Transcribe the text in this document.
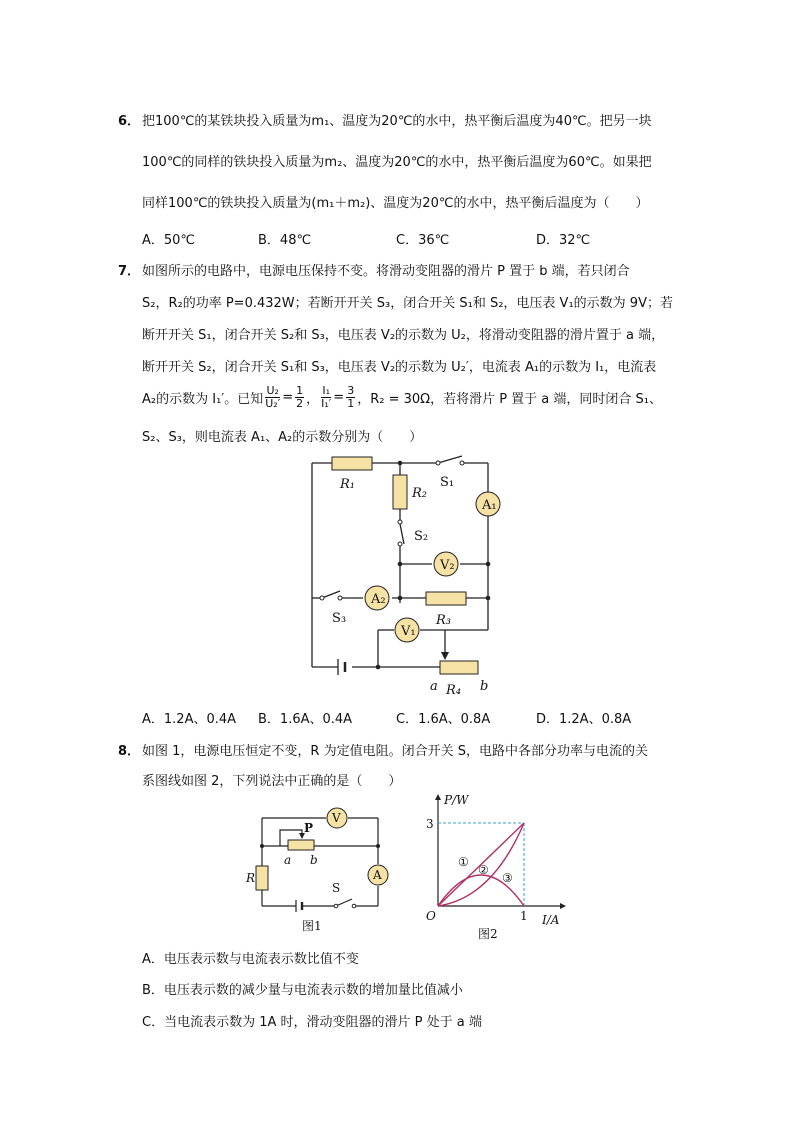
6． 把100℃的某铁块投入质量为m₁、温度为20℃的水中，热平衡后温度为40℃。把另一块
100℃的同样的铁块投入质量为m₂、温度为20℃的水中，热平衡后温度为60℃。如果把
同样100℃的铁块投入质量为(m₁＋m₂)、温度为20℃的水中，热平衡后温度为（　　）
A．50℃	B．48℃	C．36℃	D．32℃
7． 如图所示的电路中，电源电压保持不变。将滑动变阻器的滑片 P 置于 b 端，若只闭合
S₂，R₂的功率 P=0.432W；若断开开关 S₃，闭合开关 S₁和 S₂，电压表 V₁的示数为 9V；若
断开开关 S₁，闭合开关 S₂和 S₃，电压表 V₂的示数为 U₂，将滑动变阻器的滑片置于 a 端，
断开开关 S₂，闭合开关 S₁和 S₃，电压表 V₂的示数为 U₂′，电流表 A₁的示数为 I₁，电流表
A₂的示数为 I₁′。已知 $\frac{\text{U₂}}{\text{U₂′}} = \frac{1}{2}$ ， $\frac{\text{I₁}}{\text{I₁′}} = \frac{3}{1}$ ，R₂ = 30Ω，若将滑片 P 置于 a 端，同时闭合 S₁、
S₂、S₃，则电流表 A₁、A₂的示数分别为（　　）
A₁
V₂
A₂
V₁
R₁
R₂
R₃
R₄
S₁
S₂
S₃
a	b
A．1.2A、0.4A B．1.6A、0.4A	C．1.6A、0.8A	D．1.2A、0.8A
8． 如图 1，电源电压恒定不变，R 为定值电阻。闭合开关 S，电路中各部分功率与电流的关
系图线如图 2，下列说法中正确的是（　　）
V
A
P
a b
R
S
图1
P/W
I/A
O
3
1
①
②
③
图2
A．电压表示数与电流表示数比值不变
B．电压表示数的减少量与电流表示数的增加量比值减小
C．当电流表示数为 1A 时，滑动变阻器的滑片 P 处于 a 端
